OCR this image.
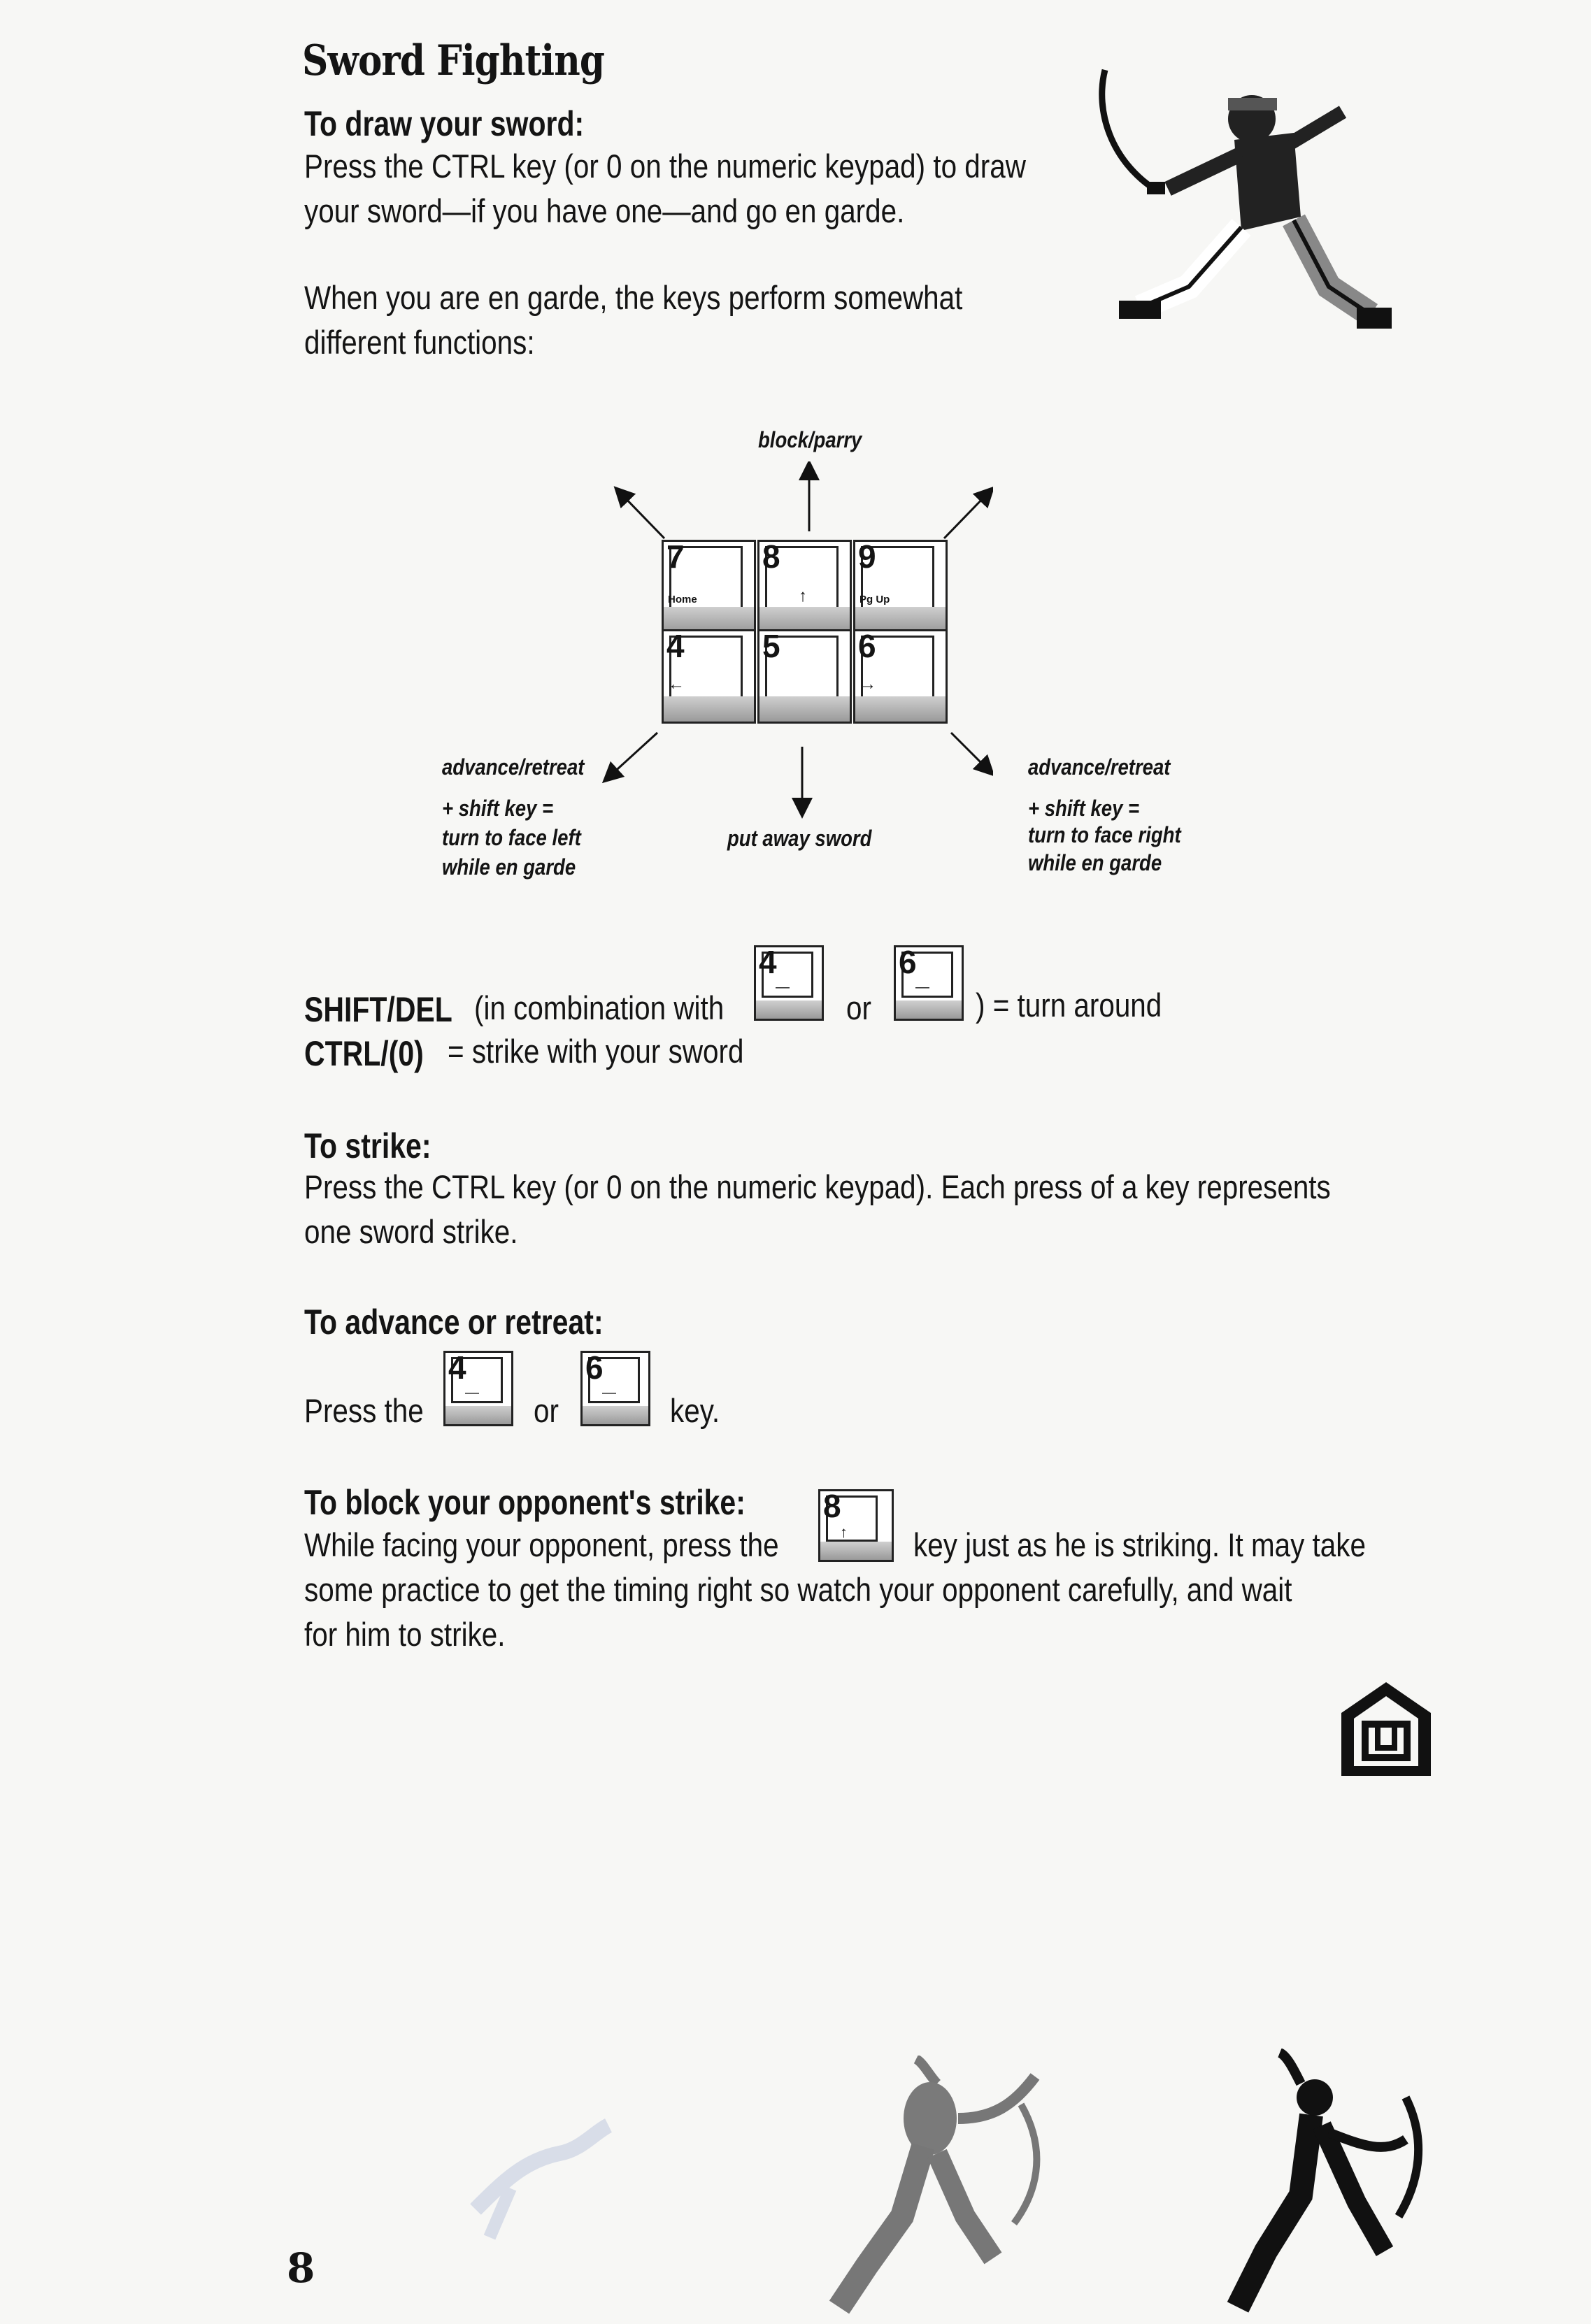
Sword Fighting
To draw your sword:
Press the CTRL key (or 0 on the numeric keypad) to draw
your sword—if you have one—and go en garde.
When you are en garde, the keys perform somewhat
different functions:
block/parry
7
Home
8
↑
9
Pg Up
4
←
5 6
→
advance/retreat
+ shift key =
turn to face left
while en garde
put away sword
advance/retreat
+ shift key =
turn to face right
while en garde
SHIFT/DEL (in combination with
4
―
or
6
― ) = turn around
CTRL/(0) = strike with your sword
To strike:
Press the CTRL key (or 0 on the numeric keypad). Each press of a key represents
one sword strike.
To advance or retreat:
Press the
4
― or
6
― key.
To block your opponent's strike: 8
↑
While facing your opponent, press the	key just as he is striking. It may take
some practice to get the timing right so watch your opponent carefully, and wait
for him to strike.
8
